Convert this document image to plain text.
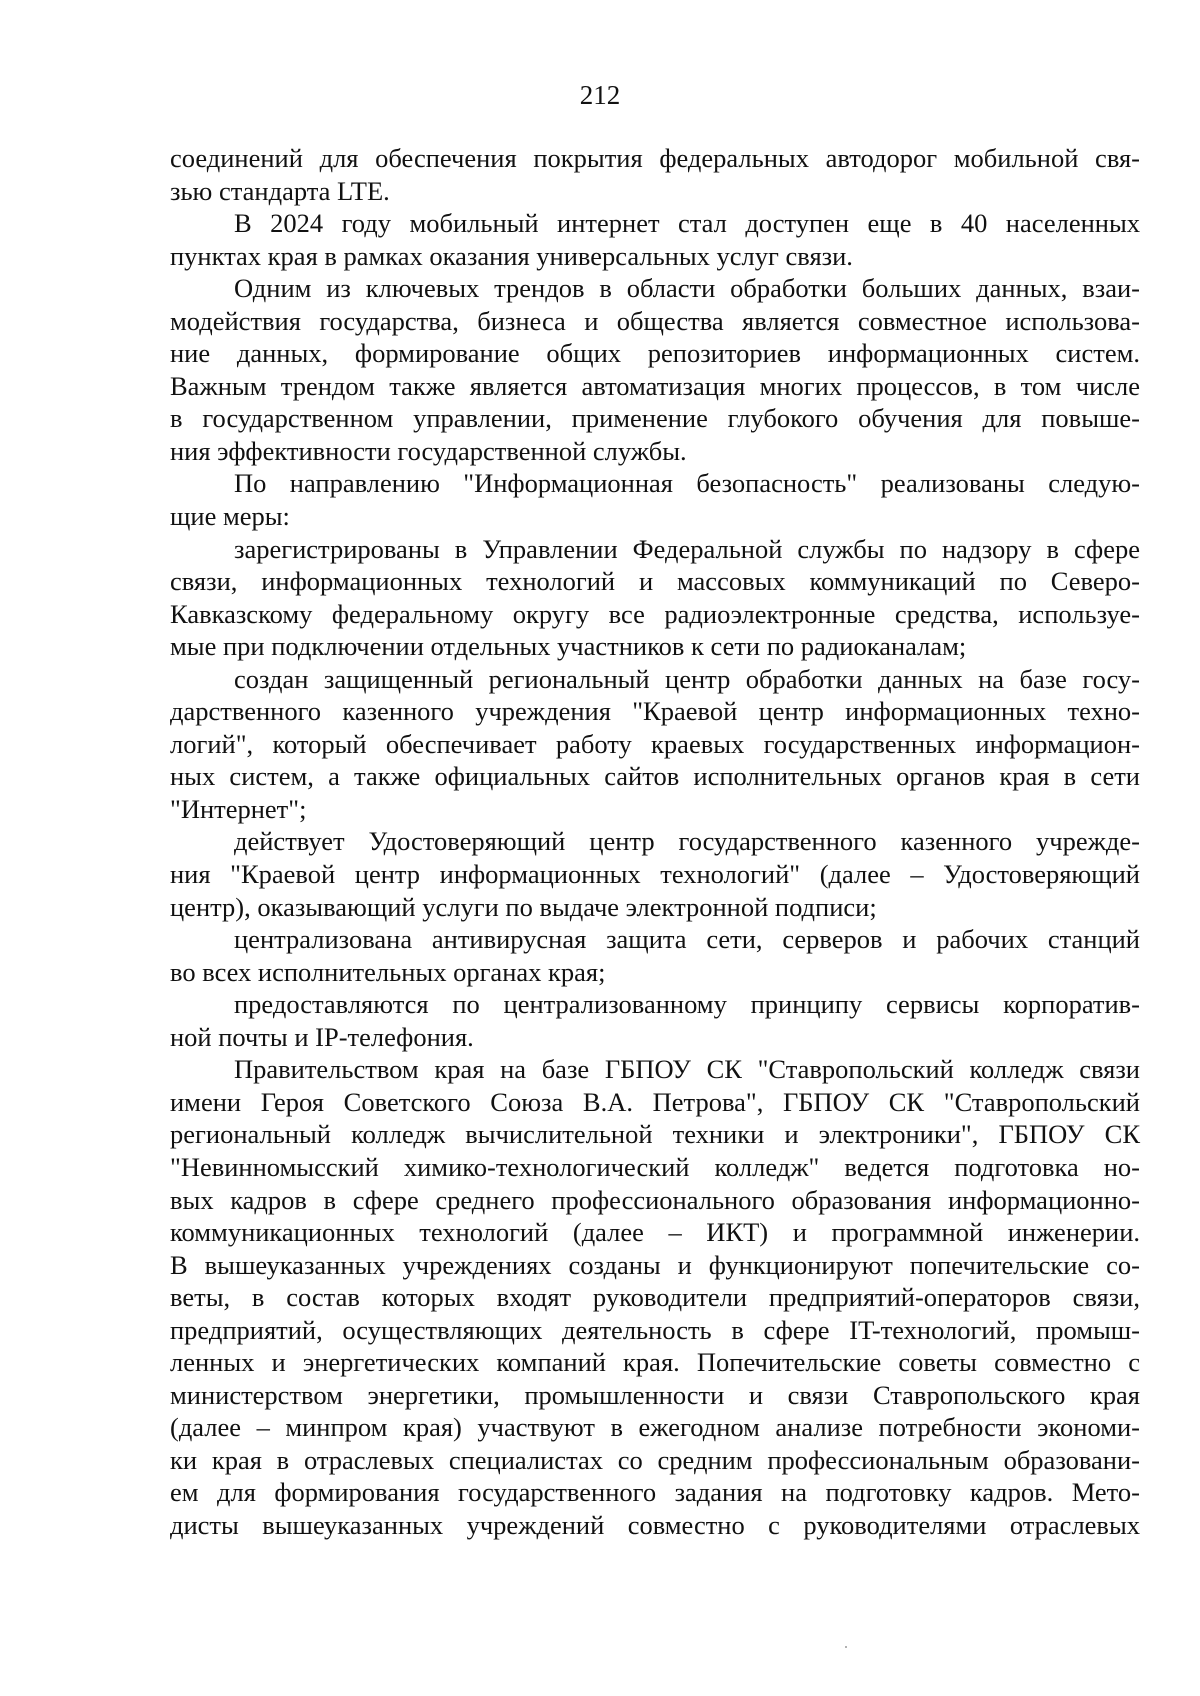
212
соединений для обеспечения покрытия федеральных автодорог мобильной свя-
зью стандарта LTE.
В 2024 году мобильный интернет стал доступен еще в 40 населенных
пунктах края в рамках оказания универсальных услуг связи.
Одним из ключевых трендов в области обработки больших данных, взаи-
модействия государства, бизнеса и общества является совместное использова-
ние данных, формирование общих репозиториев информационных систем.
Важным трендом также является автоматизация многих процессов, в том числе
в государственном управлении, применение глубокого обучения для повыше-
ния эффективности государственной службы.
По направлению "Информационная безопасность" реализованы следую-
щие меры:
зарегистрированы в Управлении Федеральной службы по надзору в сфере
связи, информационных технологий и массовых коммуникаций по Северо-
Кавказскому федеральному округу все радиоэлектронные средства, используе-
мые при подключении отдельных участников к сети по радиоканалам;
создан защищенный региональный центр обработки данных на базе госу-
дарственного казенного учреждения "Краевой центр информационных техно-
логий", который обеспечивает работу краевых государственных информацион-
ных систем, а также официальных сайтов исполнительных органов края в сети
"Интернет";
действует Удостоверяющий центр государственного казенного учрежде-
ния "Краевой центр информационных технологий" (далее – Удостоверяющий
центр), оказывающий услуги по выдаче электронной подписи;
централизована антивирусная защита сети, серверов и рабочих станций
во всех исполнительных органах края;
предоставляются по централизованному принципу сервисы корпоратив-
ной почты и IP-телефония.
Правительством края на базе ГБПОУ СК "Ставропольский колледж связи
имени Героя Советского Союза В.А. Петрова", ГБПОУ СК "Ставропольский
региональный колледж вычислительной техники и электроники", ГБПОУ СК
"Невинномысский химико-технологический колледж" ведется подготовка но-
вых кадров в сфере среднего профессионального образования информационно-
коммуникационных технологий (далее – ИКТ) и программной инженерии.
В вышеуказанных учреждениях созданы и функционируют попечительские со-
веты, в состав которых входят руководители предприятий-операторов связи,
предприятий, осуществляющих деятельность в сфере IT-технологий, промыш-
ленных и энергетических компаний края. Попечительские советы совместно с
министерством энергетики, промышленности и связи Ставропольского края
(далее – минпром края) участвуют в ежегодном анализе потребности экономи-
ки края в отраслевых специалистах со средним профессиональным образовани-
ем для формирования государственного задания на подготовку кадров. Мето-
дисты вышеуказанных учреждений совместно с руководителями отраслевых
